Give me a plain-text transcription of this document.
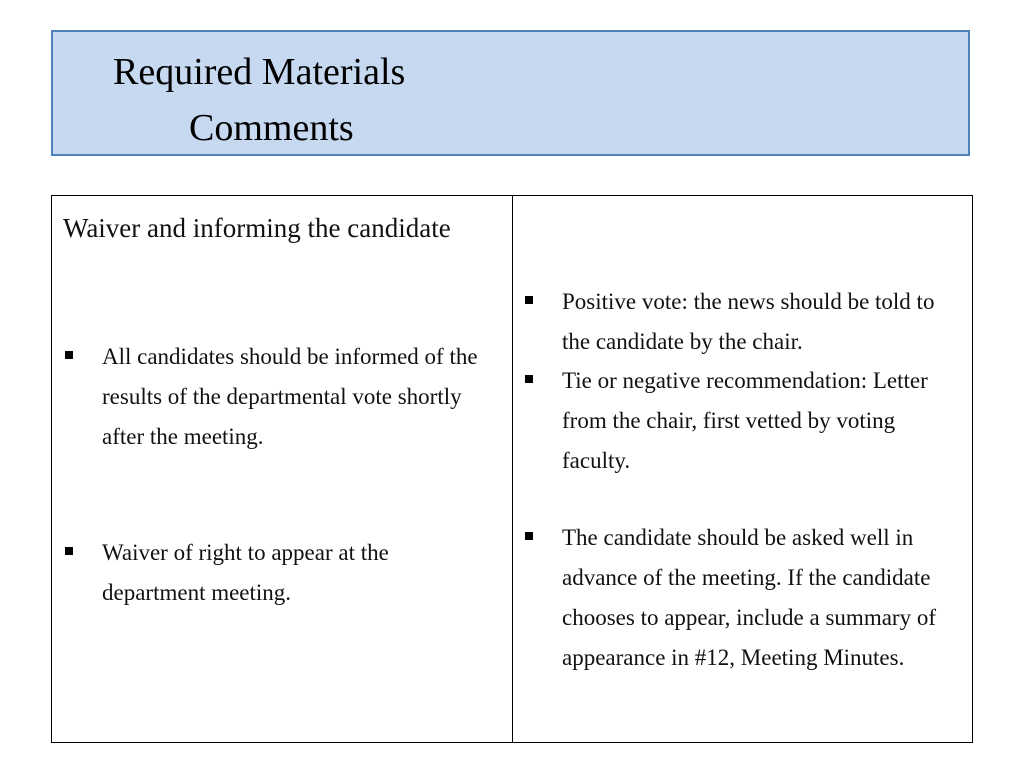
Required Materials
Comments
Waiver and informing the candidate
All candidates should be informed of the results of the departmental vote shortly after the meeting.
Waiver of right to appear at the department meeting.
Positive vote: the news should be told to the candidate by the chair.
Tie or negative recommendation: Letter from the chair, first vetted by voting faculty.
The candidate should be asked well in advance of the meeting. If the candidate chooses to appear, include a summary of appearance in #12, Meeting Minutes.
